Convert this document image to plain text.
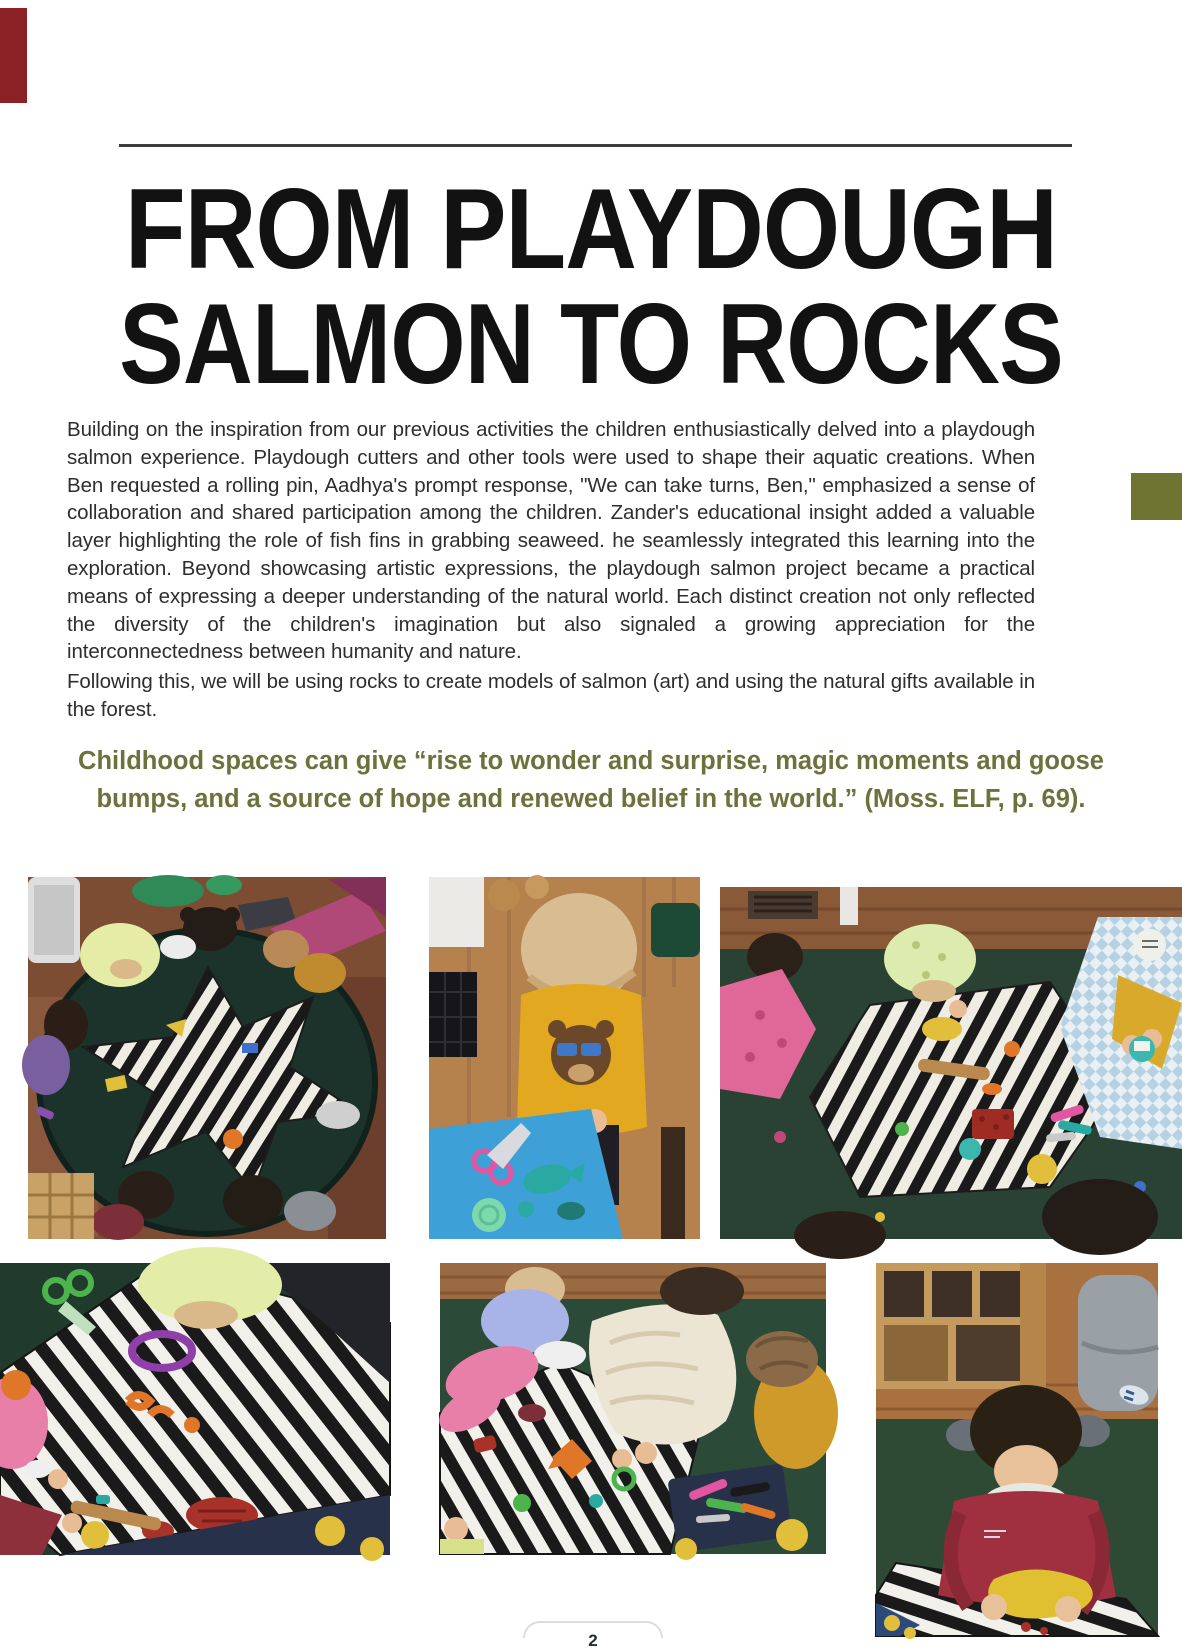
FROM PLAYDOUGH
SALMON TO ROCKS
Building on the inspiration from our previous activities the children enthusiastically delved into a playdough salmon experience. Playdough cutters and other tools were used to shape their aquatic creations. When Ben requested a rolling pin, Aadhya's prompt response, "We can take turns, Ben," emphasized a sense of collaboration and shared participation among the children. Zander's educational insight added a valuable layer highlighting the role of fish fins in grabbing seaweed. he seamlessly integrated this learning into the exploration. Beyond showcasing artistic expressions, the playdough salmon project became a practical means of expressing a deeper understanding of the natural world. Each distinct creation not only reflected the diversity of the children's imagination but also signaled a growing appreciation for the interconnectedness between humanity and nature.
Following this, we will be using rocks to create models of salmon (art) and using the natural gifts available in the forest.
Childhood spaces can give “rise to wonder and surprise, magic moments and goose
bumps, and a source of hope and renewed belief in the world.” (Moss. ELF, p. 69).
2
